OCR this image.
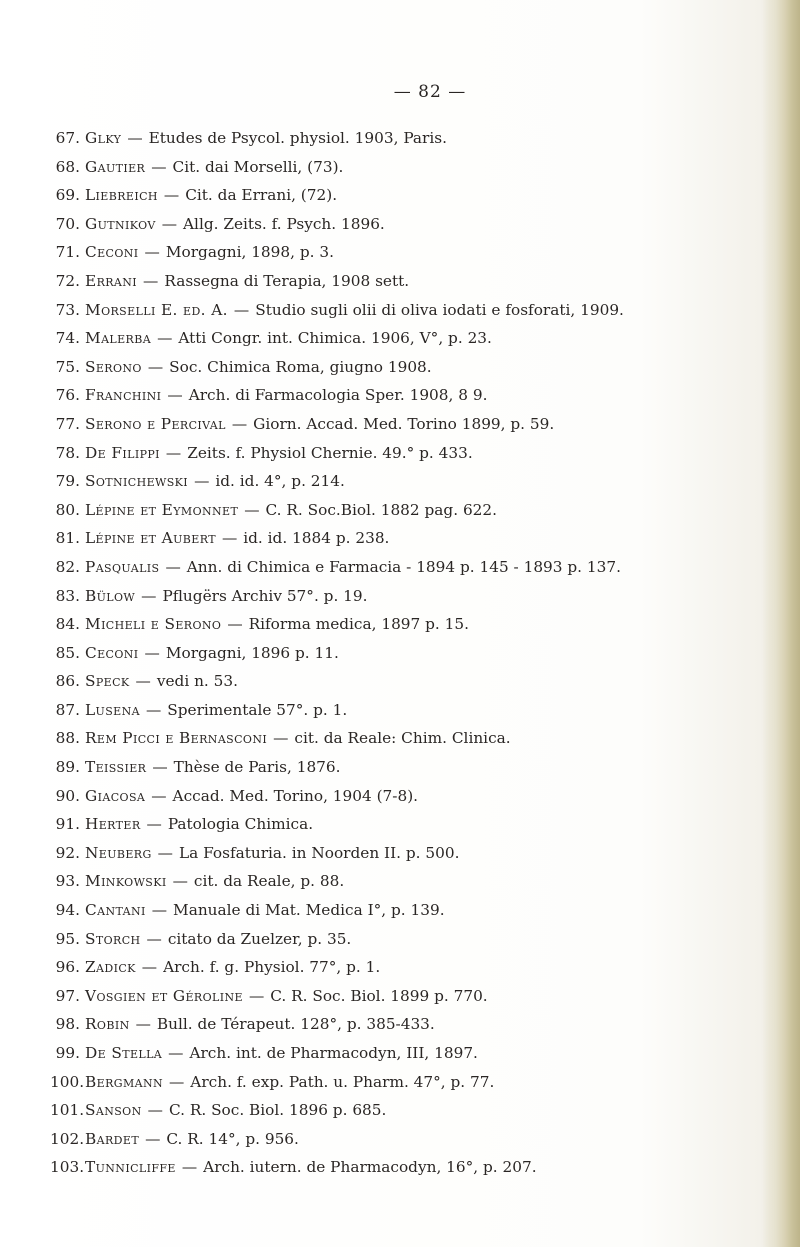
— 82 —
67. Glky — Etudes de Psycol. physiol. 1903, Paris.
68. Gautier — Cit. dai Morselli, (73).
69. Liebreich — Cit. da Errani, (72).
70. Gutnikov — Allg. Zeits. f. Psych. 1896.
71. Ceconi — Morgagni, 1898, p. 3.
72. Errani — Rassegna di Terapia, 1908 sett.
73. Morselli E. ed. A. — Studio sugli olii di oliva iodati e fosforati, 1909.
74. Malerba — Atti Congr. int. Chimica. 1906, V°, p. 23.
75. Serono — Soc. Chimica Roma, giugno 1908.
76. Franchini — Arch. di Farmacologia Sper. 1908, 8 9.
77. Serono e Percival — Giorn. Accad. Med. Torino 1899, p. 59.
78. De Filippi — Zeits. f. Physiol Chernie. 49.° p. 433.
79. Sotnichewski — id. id. 4°, p. 214.
80. Lépine et Eymonnet — C. R. Soc.Biol. 1882 pag. 622.
81. Lépine et Aubert — id. id. 1884 p. 238.
82. Pasqualis — Ann. di Chimica e Farmacia - 1894 p. 145 - 1893 p. 137.
83. Bülow — Pflugërs Archiv 57°. p. 19.
84. Micheli e Serono — Riforma medica, 1897 p. 15.
85. Ceconi — Morgagni, 1896 p. 11.
86. Speck — vedi n. 53.
87. Lusena — Sperimentale 57°. p. 1.
88. Rem Picci e Bernasconi — cit. da Reale: Chim. Clinica.
89. Teissier — Thèse de Paris, 1876.
90. Giacosa — Accad. Med. Torino, 1904 (7-8).
91. Herter — Patologia Chimica.
92. Neuberg — La Fosfaturia. in Noorden II. p. 500.
93. Minkowski — cit. da Reale, p. 88.
94. Cantani — Manuale di Mat. Medica I°, p. 139.
95. Storch — citato da Zuelzer, p. 35.
96. Zadick — Arch. f. g. Physiol. 77°, p. 1.
97. Vosgien et Géroline — C. R. Soc. Biol. 1899 p. 770.
98. Robin — Bull. de Térapeut. 128°, p. 385-433.
99. De Stella — Arch. int. de Pharmacodyn, III, 1897.
100. Bergmann — Arch. f. exp. Path. u. Pharm. 47°, p. 77.
101. Sanson — C. R. Soc. Biol. 1896 p. 685.
102. Bardet — C. R. 14°, p. 956.
103. Tunnicliffe — Arch. iutern. de Pharmacodyn, 16°, p. 207.
